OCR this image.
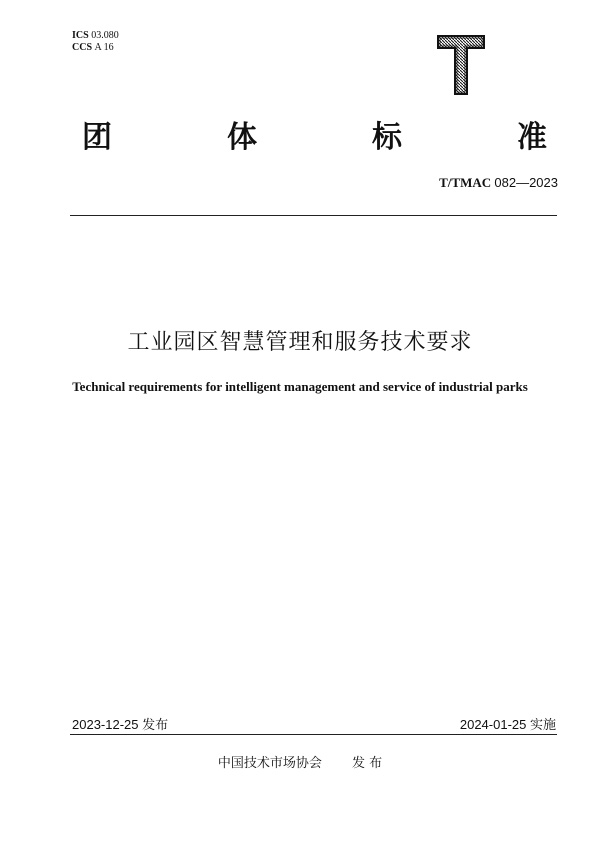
ICS 03.080
CCS A 16
团	体	标	准
T/TMAC 082—2023
工业园区智慧管理和服务技术要求
Technical requirements for intelligent management and service of industrial parks
2023-12-25 发布	2024-01-25 实施
中国技术市场协会 发 布
